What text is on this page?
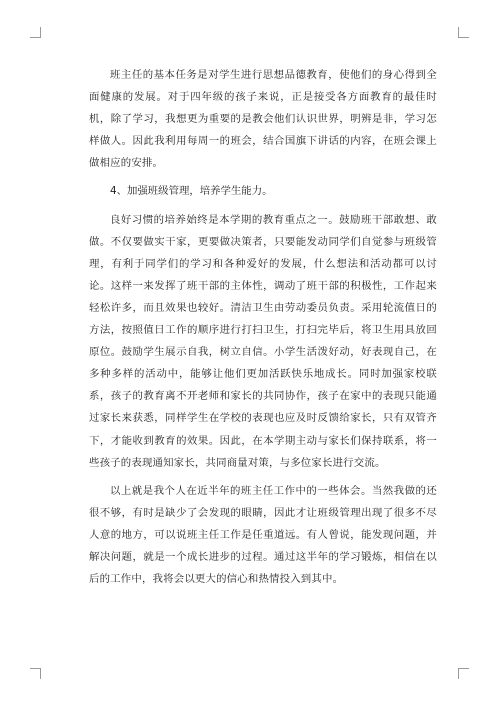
班主任的基本任务是对学生进行思想品德教育，使他们的身心得到全面健康的发展。对于四年级的孩子来说，正是接受各方面教育的最佳时机，除了学习，我想更为重要的是教会他们认识世界，明辨是非，学习怎样做人。因此我利用每周一的班会，结合国旗下讲话的内容，在班会课上做相应的安排。

4、加强班级管理，培养学生能力。

良好习惯的培养始终是本学期的教育重点之一。鼓励班干部敢想、敢做。不仅要做实干家，更要做决策者，只要能发动同学们自觉参与班级管理，有利于同学们的学习和各种爱好的发展，什么想法和活动都可以讨论。这样一来发挥了班干部的主体性，调动了班干部的积极性，工作起来轻松许多，而且效果也较好。清洁卫生由劳动委员负责。采用轮流值日的方法，按照值日工作的顺序进行打扫卫生，打扫完毕后，将卫生用具放回原位。鼓励学生展示自我，树立自信。小学生活泼好动，好表现自己，在多种多样的活动中，能够让他们更加活跃快乐地成长。同时加强家校联系，孩子的教育离不开老师和家长的共同协作，孩子在家中的表现只能通过家长来获悉，同样学生在学校的表现也应及时反馈给家长，只有双管齐下，才能收到教育的效果。因此，在本学期主动与家长们保持联系，将一些孩子的表现通知家长，共同商量对策，与多位家长进行交流。

以上就是我个人在近半年的班主任工作中的一些体会。当然我做的还很不够，有时是缺少了会发现的眼睛，因此才让班级管理出现了很多不尽人意的地方，可以说班主任工作是任重道远。有人曾说，能发现问题，并解决问题，就是一个成长进步的过程。通过这半年的学习锻炼，相信在以后的工作中，我将会以更大的信心和热情投入到其中。
